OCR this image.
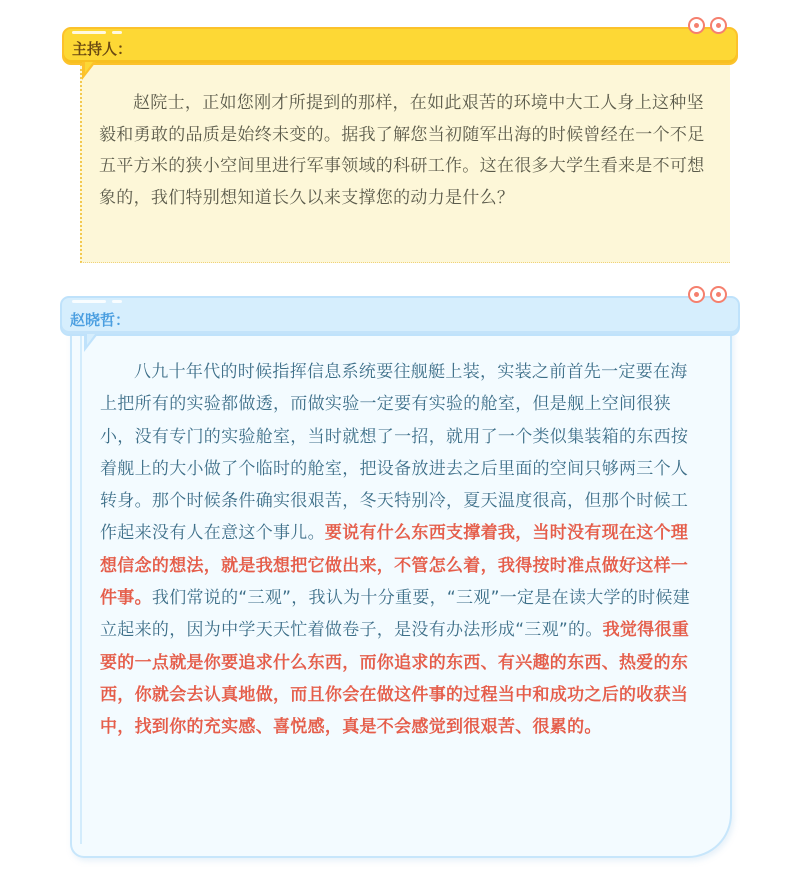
主持人：

赵院士，正如您刚才所提到的那样，在如此艰苦的环境中大工人身上这种坚毅和勇敢的品质是始终未变的。据我了解您当初随军出海的时候曾经在一个不足五平方米的狭小空间里进行军事领域的科研工作。这在很多大学生看来是不可想象的，我们特别想知道长久以来支撑您的动力是什么？

赵晓哲：

八九十年代的时候指挥信息系统要往舰艇上装，实装之前首先一定要在海上把所有的实验都做透，而做实验一定要有实验的舱室，但是舰上空间很狭小，没有专门的实验舱室，当时就想了一招，就用了一个类似集装箱的东西按着舰上的大小做了个临时的舱室，把设备放进去之后里面的空间只够两三个人转身。那个时候条件确实很艰苦，冬天特别冷，夏天温度很高，但那个时候工作起来没有人在意这个事儿。要说有什么东西支撑着我，当时没有现在这个理想信念的想法，就是我想把它做出来，不管怎么着，我得按时准点做好这样一件事。我们常说的“三观”，我认为十分重要，“三观”一定是在读大学的时候建立起来的，因为中学天天忙着做卷子，是没有办法形成“三观”的。我觉得很重要的一点就是你要追求什么东西，而你追求的东西、有兴趣的东西、热爱的东西，你就会去认真地做，而且你会在做这件事的过程当中和成功之后的收获当中，找到你的充实感、喜悦感，真是不会感觉到很艰苦、很累的。
